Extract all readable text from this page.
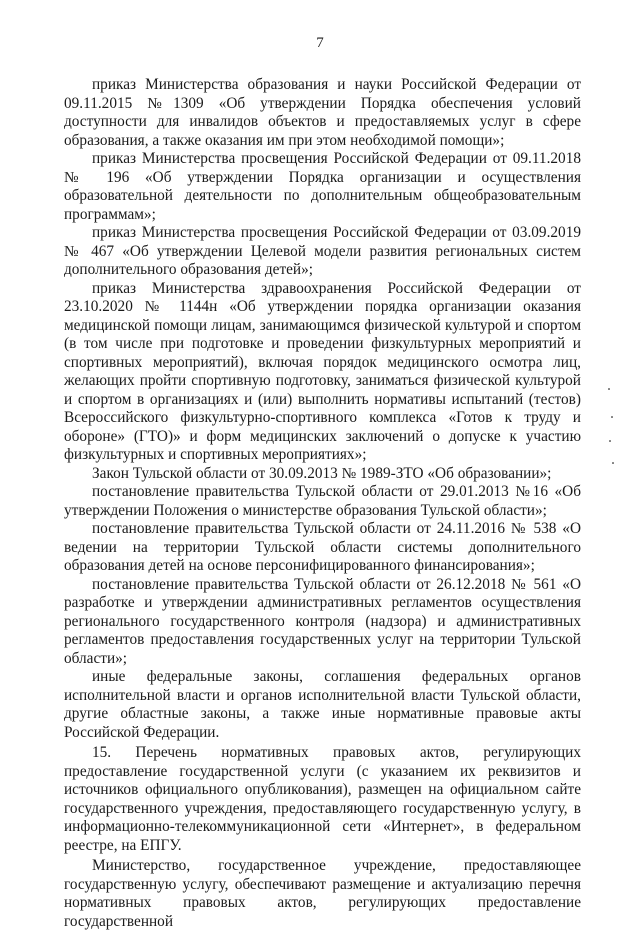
7

приказ Министерства образования и науки Российской Федерации от 09.11.2015 №1309 «Об утверждении Порядка обеспечения условий доступности для инвалидов объектов и предоставляемых услуг в сфере образования, а также оказания им при этом необходимой помощи»;

приказ Министерства просвещения Российской Федерации от 09.11.2018 № 196 «Об утверждении Порядка организации и осуществления образовательной деятельности по дополнительным общеобразовательным программам»;

приказ Министерства просвещения Российской Федерации от 03.09.2019 № 467 «Об утверждении Целевой модели развития региональных систем дополнительного образования детей»;

приказ Министерства здравоохранения Российской Федерации от 23.10.2020 № 1144н «Об утверждении порядка организации оказания медицинской помощи лицам, занимающимся физической культурой и спортом (в том числе при подготовке и проведении физкультурных мероприятий и спортивных мероприятий), включая порядок медицинского осмотра лиц, желающих пройти спортивную подготовку, заниматься физической культурой и спортом в организациях и (или) выполнить нормативы испытаний (тестов) Всероссийского физкультурно-спортивного комплекса «Готов к труду и обороне» (ГТО)» и форм медицинских заключений о допуске к участию физкультурных и спортивных мероприятиях»;

Закон Тульской области от 30.09.2013 № 1989-ЗТО «Об образовании»;

постановление правительства Тульской области от 29.01.2013 №16 «Об утверждении Положения о министерстве образования Тульской области»;

постановление правительства Тульской области от 24.11.2016 № 538 «О ведении на территории Тульской области системы дополнительного образования детей на основе персонифицированного финансирования»;

постановление правительства Тульской области от 26.12.2018 № 561 «О разработке и утверждении административных регламентов осуществления регионального государственного контроля (надзора) и административных регламентов предоставления государственных услуг на территории Тульской области»;

иные федеральные законы, соглашения федеральных органов исполнительной власти и органов исполнительной власти Тульской области, другие областные законы, а также иные нормативные правовые акты Российской Федерации.

15. Перечень нормативных правовых актов, регулирующих предоставление государственной услуги (с указанием их реквизитов и источников официального опубликования), размещен на официальном сайте государственного учреждения, предоставляющего государственную услугу, в информационно-телекоммуникационной сети «Интернет», в федеральном реестре, на ЕПГУ.

Министерство, государственное учреждение, предоставляющее государственную услугу, обеспечивают размещение и актуализацию перечня нормативных правовых актов, регулирующих предоставление государственной
